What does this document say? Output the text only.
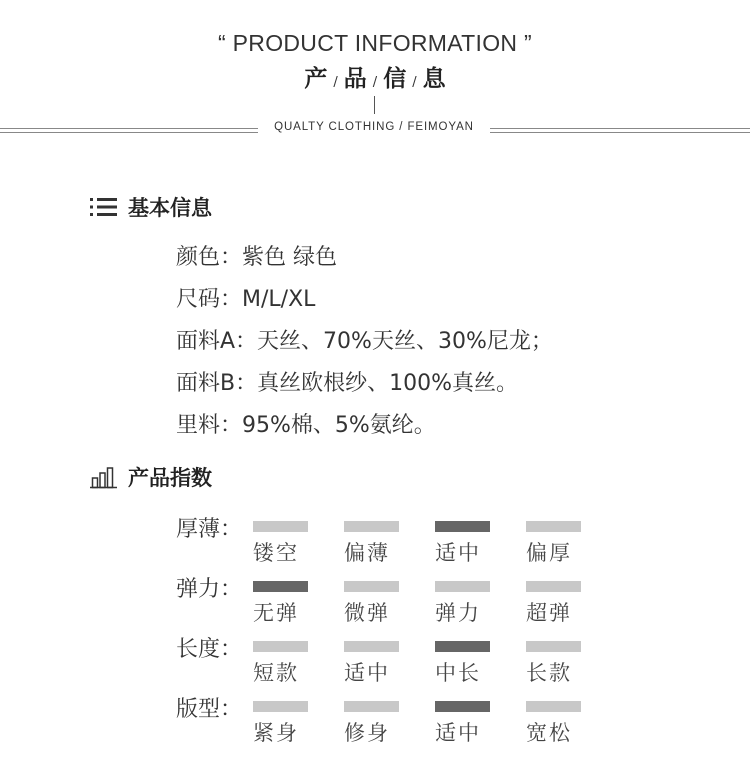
“ PRODUCT INFORMATION ”
产 / 品 / 信 / 息
QUALTY CLOTHING / FEIMOYAN
基本信息
颜色：紫色 绿色
尺码：M/L/XL
面料A：天丝、70%天丝、30%尼龙；
面料B：真丝欧根纱、100%真丝。
里料：95%棉、5%氨纶。
产品指数
厚薄：
镂空	偏薄	适中	偏厚
弹力：
无弹	微弹	弹力	超弹
长度：
短款	适中	中长	长款
版型：
紧身	修身	适中	宽松
